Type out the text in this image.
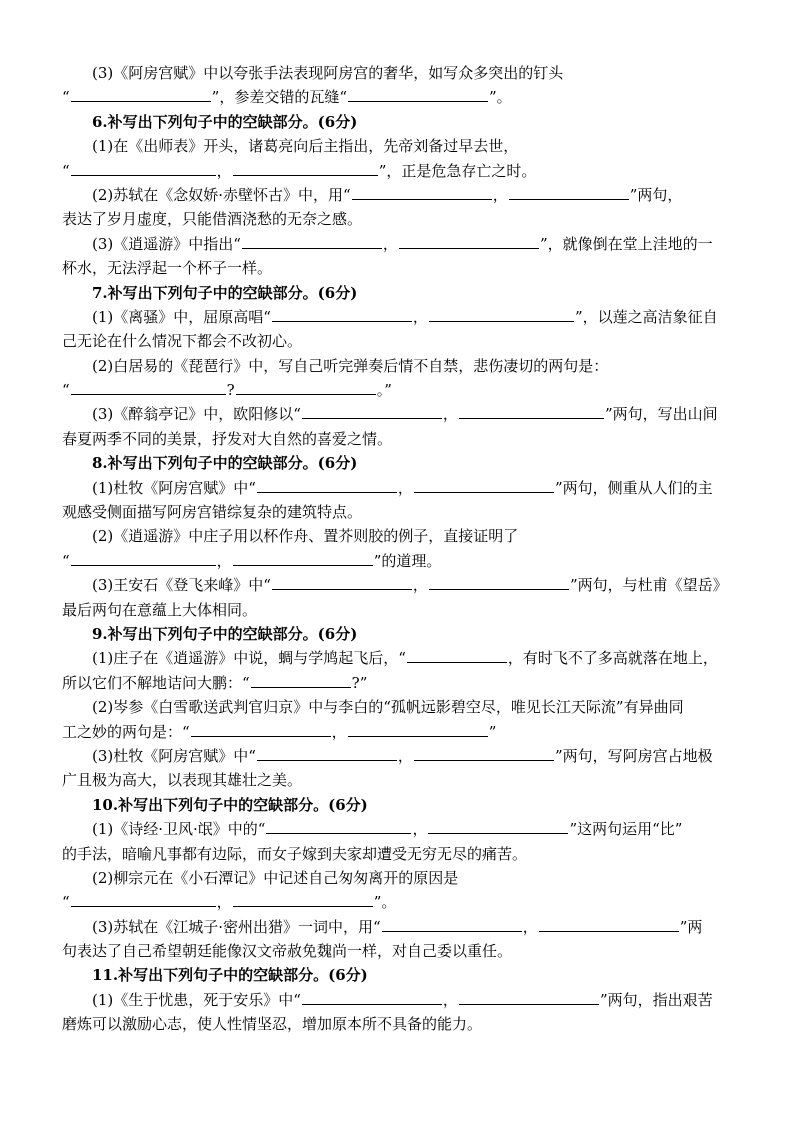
(3)《阿房宫赋》中以夸张手法表现阿房宫的奢华，如写众多突出的钉头
“	”，参差交错的瓦缝“	”。
6.补写出下列句子中的空缺部分。(6分)
(1)在《出师表》开头，诸葛亮向后主指出，先帝刘备过早去世，
“	，	”，正是危急存亡之时。
(2)苏轼在《念奴娇·赤壁怀古》中，用“	，	”两句，
表达了岁月虚度，只能借酒浇愁的无奈之感。
(3)《逍遥游》中指出“	，	”，就像倒在堂上洼地的一
杯水，无法浮起一个杯子一样。
7.补写出下列句子中的空缺部分。(6分)
(1)《离骚》中，屈原高唱“	，	”，以莲之高洁象征自
己无论在什么情况下都会不改初心。
(2)白居易的《琵琶行》中，写自己听完弹奏后情不自禁，悲伤凄切的两句是：
“	?	。”
(3)《醉翁亭记》中，欧阳修以“	，	”两句，写出山间
春夏两季不同的美景，抒发对大自然的喜爱之情。
8.补写出下列句子中的空缺部分。(6分)
(1)杜牧《阿房宫赋》中“	，	”两句，侧重从人们的主
观感受侧面描写阿房宫错综复杂的建筑特点。
(2)《逍遥游》中庄子用以杯作舟、置芥则胶的例子，直接证明了
“	，	”的道理。
(3)王安石《登飞来峰》中“	，	”两句，与杜甫《望岳》
最后两句在意蕴上大体相同。
9.补写出下列句子中的空缺部分。(6分)
(1)庄子在《逍遥游》中说，蜩与学鸠起飞后，“	，有时飞不了多高就落在地上，
所以它们不解地诘问大鹏：“	?”
(2)岑参《白雪歌送武判官归京》中与李白的“孤帆远影碧空尽，唯见长江天际流”有异曲同
工之妙的两句是：“	，	”
(3)杜牧《阿房宫赋》中“	，	”两句，写阿房宫占地极
广且极为高大，以表现其雄壮之美。
10.补写出下列句子中的空缺部分。(6分)
(1)《诗经·卫风·氓》中的“	，	”这两句运用“比”
的手法，暗喻凡事都有边际，而女子嫁到夫家却遭受无穷无尽的痛苦。
(2)柳宗元在《小石潭记》中记述自己匆匆离开的原因是
“	，	”。
(3)苏轼在《江城子·密州出猎》一词中，用“	，	”两
句表达了自己希望朝廷能像汉文帝赦免魏尚一样，对自己委以重任。
11.补写出下列句子中的空缺部分。(6分)
(1)《生于忧患，死于安乐》中“	，	”两句，指出艰苦
磨炼可以激励心志，使人性情坚忍，增加原本所不具备的能力。
